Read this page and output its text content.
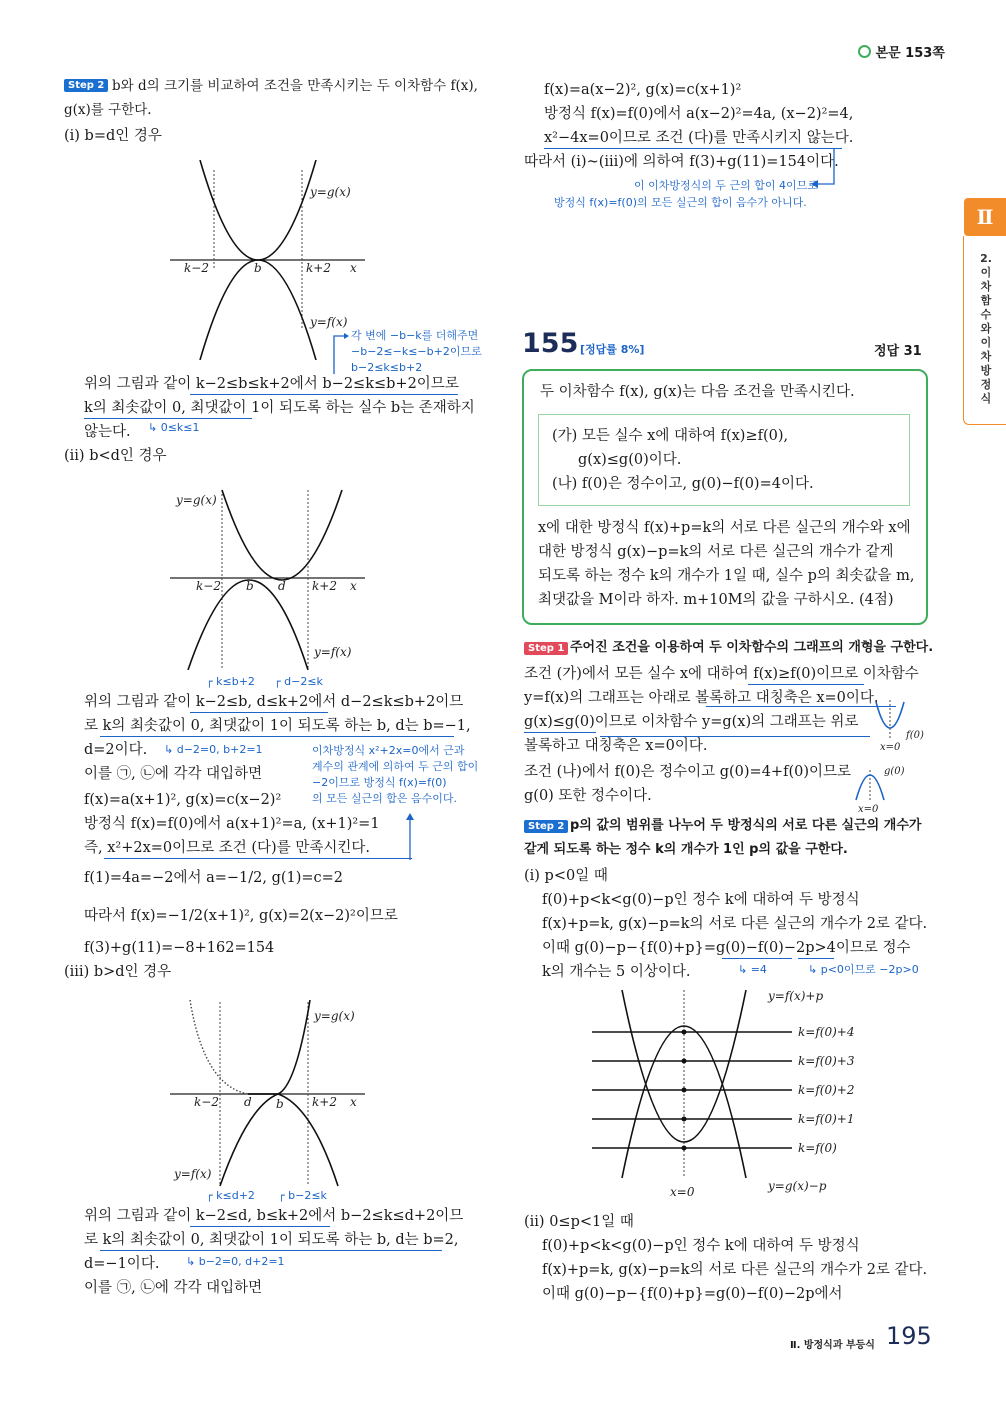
본문 153쪽
Ⅱ
2. 이차함수와 이차방정식
Step 2 b와 d의 크기를 비교하여 조건을 만족시키는 두 이차함수 f(x),
g(x)를 구한다.
(ⅰ) b=d인 경우
y=g(x)
y=f(x)
k−2	b	k+2 x
각 변에 −b−k를 더해주면
−b−2≤−k≤−b+2이므로
b−2≤k≤b+2
위의 그림과 같이 k−2≤b≤k+2에서 b−2≤k≤b+2이므로
k의 최솟값이 0, 최댓값이 1이 되도록 하는 실수 b는 존재하지
않는다. ↳ 0≤k≤1
(ⅱ) b<d인 경우
y=g(x)
y=f(x)
k−2 b d k+2 x
┌ k≤b+2 ┌ d−2≤k
위의 그림과 같이 k−2≤b, d≤k+2에서 d−2≤k≤b+2이므
로 k의 최솟값이 0, 최댓값이 1이 되도록 하는 b, d는 b=−1,
d=2이다. ↳ d−2=0, b+2=1	이차방정식 x²+2x=0에서 근과
계수의 관계에 의하여 두 근의 합이
−2이므로 방정식 f(x)=f(0)
의 모든 실근의 합은 음수이다.
이를 ㉠, ㉡에 각각 대입하면
f(x)=a(x+1)², g(x)=c(x−2)²
방정식 f(x)=f(0)에서 a(x+1)²=a, (x+1)²=1
즉, x²+2x=0이므로 조건 (다)를 만족시킨다.
f(1)=4a=−2에서 a=−1/2, g(1)=c=2
따라서 f(x)=−1/2(x+1)², g(x)=2(x−2)²이므로
f(3)+g(11)=−8+162=154
(ⅲ) b>d인 경우
y=g(x)
y=f(x)
k−2 d b k+2 x
┌ k≤d+2 ┌ b−2≤k
위의 그림과 같이 k−2≤d, b≤k+2에서 b−2≤k≤d+2이므
로 k의 최솟값이 0, 최댓값이 1이 되도록 하는 b, d는 b=2,
d=−1이다. ↳ b−2=0, d+2=1
이를 ㉠, ㉡에 각각 대입하면
f(x)=a(x−2)², g(x)=c(x+1)²
방정식 f(x)=f(0)에서 a(x−2)²=4a, (x−2)²=4,
x²−4x=0이므로 조건 (다)를 만족시키지 않는다.
따라서 (ⅰ)~(ⅲ)에 의하여 f(3)+g(11)=154이다.
이 이차방정식의 두 근의 합이 4이므로
방정식 f(x)=f(0)의 모든 실근의 합이 음수가 아니다.
155 [정답률 8%]	정답 31
두 이차함수 f(x), g(x)는 다음 조건을 만족시킨다.
(가) 모든 실수 x에 대하여 f(x)≥f(0),
g(x)≤g(0)이다.
(나) f(0)은 정수이고, g(0)−f(0)=4이다.
x에 대한 방정식 f(x)+p=k의 서로 다른 실근의 개수와 x에
대한 방정식 g(x)−p=k의 서로 다른 실근의 개수가 같게
되도록 하는 정수 k의 개수가 1일 때, 실수 p의 최솟값을 m,
최댓값을 M이라 하자. m+10M의 값을 구하시오. (4점)
Step 1 주어진 조건을 이용하여 두 이차함수의 그래프의 개형을 구한다.
조건 (가)에서 모든 실수 x에 대하여 f(x)≥f(0)이므로 이차함수
y=f(x)의 그래프는 아래로 볼록하고 대칭축은 x=0이다.
g(x)≤g(0)이므로 이차함수 y=g(x)의 그래프는 위로
볼록하고 대칭축은 x=0이다.
조건 (나)에서 f(0)은 정수이고 g(0)=4+f(0)이므로
g(0) 또한 정수이다.
f(0)
x=0
g(0)
x=0
Step 2 p의 값의 범위를 나누어 두 방정식의 서로 다른 실근의 개수가
같게 되도록 하는 정수 k의 개수가 1인 p의 값을 구한다.
(ⅰ) p<0일 때
f(0)+p<k<g(0)−p인 정수 k에 대하여 두 방정식
f(x)+p=k, g(x)−p=k의 서로 다른 실근의 개수가 2로 같다.
이때 g(0)−p−{f(0)+p}=g(0)−f(0)−2p>4이므로 정수
k의 개수는 5 이상이다.	↳ =4	↳ p<0이므로 −2p>0
y=f(x)+p
k=f(0)+4
k=f(0)+3
k=f(0)+2
k=f(0)+1
k=f(0)
x=0	y=g(x)−p
(ⅱ) 0≤p<1일 때
f(0)+p<k<g(0)−p인 정수 k에 대하여 두 방정식
f(x)+p=k, g(x)−p=k의 서로 다른 실근의 개수가 2로 같다.
이때 g(0)−p−{f(0)+p}=g(0)−f(0)−2p에서
Ⅱ. 방정식과 부등식 195
